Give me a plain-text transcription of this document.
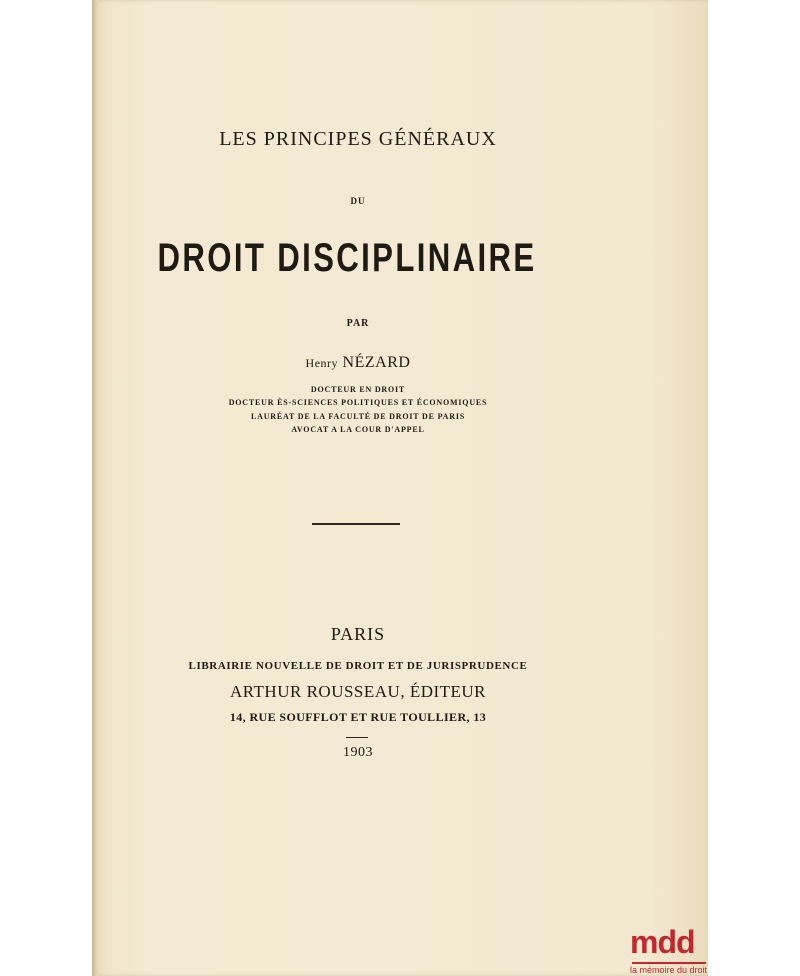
LES PRINCIPES GÉNÉRAUX
DU
DROIT DISCIPLINAIRE
PAR
Henry NÉZARD
DOCTEUR EN DROIT
DOCTEUR ÈS-SCIENCES POLITIQUES ET ÉCONOMIQUES
LAURÉAT DE LA FACULTÉ DE DROIT DE PARIS
AVOCAT A LA COUR D'APPEL
PARIS
LIBRAIRIE NOUVELLE DE DROIT ET DE JURISPRUDENCE
ARTHUR ROUSSEAU, ÉDITEUR
14, RUE SOUFFLOT ET RUE TOULLIER, 13
1903
mdd
la mémoire du droit
